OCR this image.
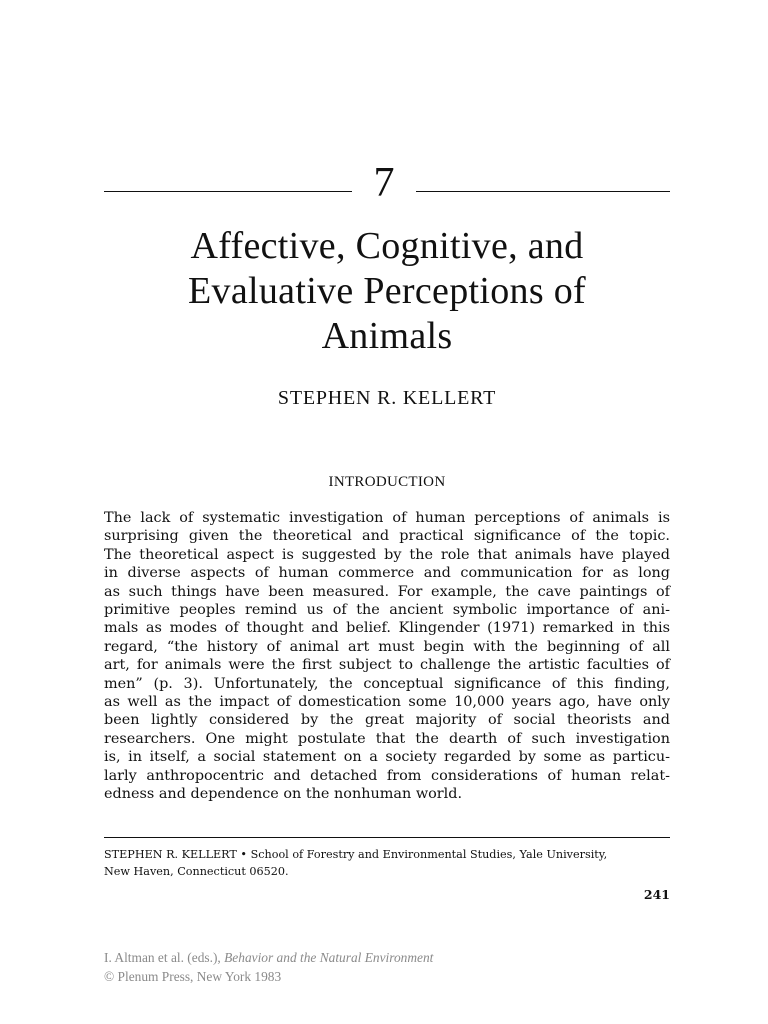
7
Affective, Cognitive, and
Evaluative Perceptions of
Animals
STEPHEN R. KELLERT
INTRODUCTION
The lack of systematic investigation of human perceptions of animals is
surprising given the theoretical and practical significance of the topic.
The theoretical aspect is suggested by the role that animals have played
in diverse aspects of human commerce and communication for as long
as such things have been measured. For example, the cave paintings of
primitive peoples remind us of the ancient symbolic importance of ani-
mals as modes of thought and belief. Klingender (1971) remarked in this
regard, “the history of animal art must begin with the beginning of all
art, for animals were the first subject to challenge the artistic faculties of
men” (p. 3). Unfortunately, the conceptual significance of this finding,
as well as the impact of domestication some 10,000 years ago, have only
been lightly considered by the great majority of social theorists and
researchers. One might postulate that the dearth of such investigation
is, in itself, a social statement on a society regarded by some as particu-
larly anthropocentric and detached from considerations of human relat-
edness and dependence on the nonhuman world.
STEPHEN R. KELLERT • School of Forestry and Environmental Studies, Yale University,
New Haven, Connecticut 06520.
241
I. Altman et al. (eds.), Behavior and the Natural Environment
© Plenum Press, New York 1983
